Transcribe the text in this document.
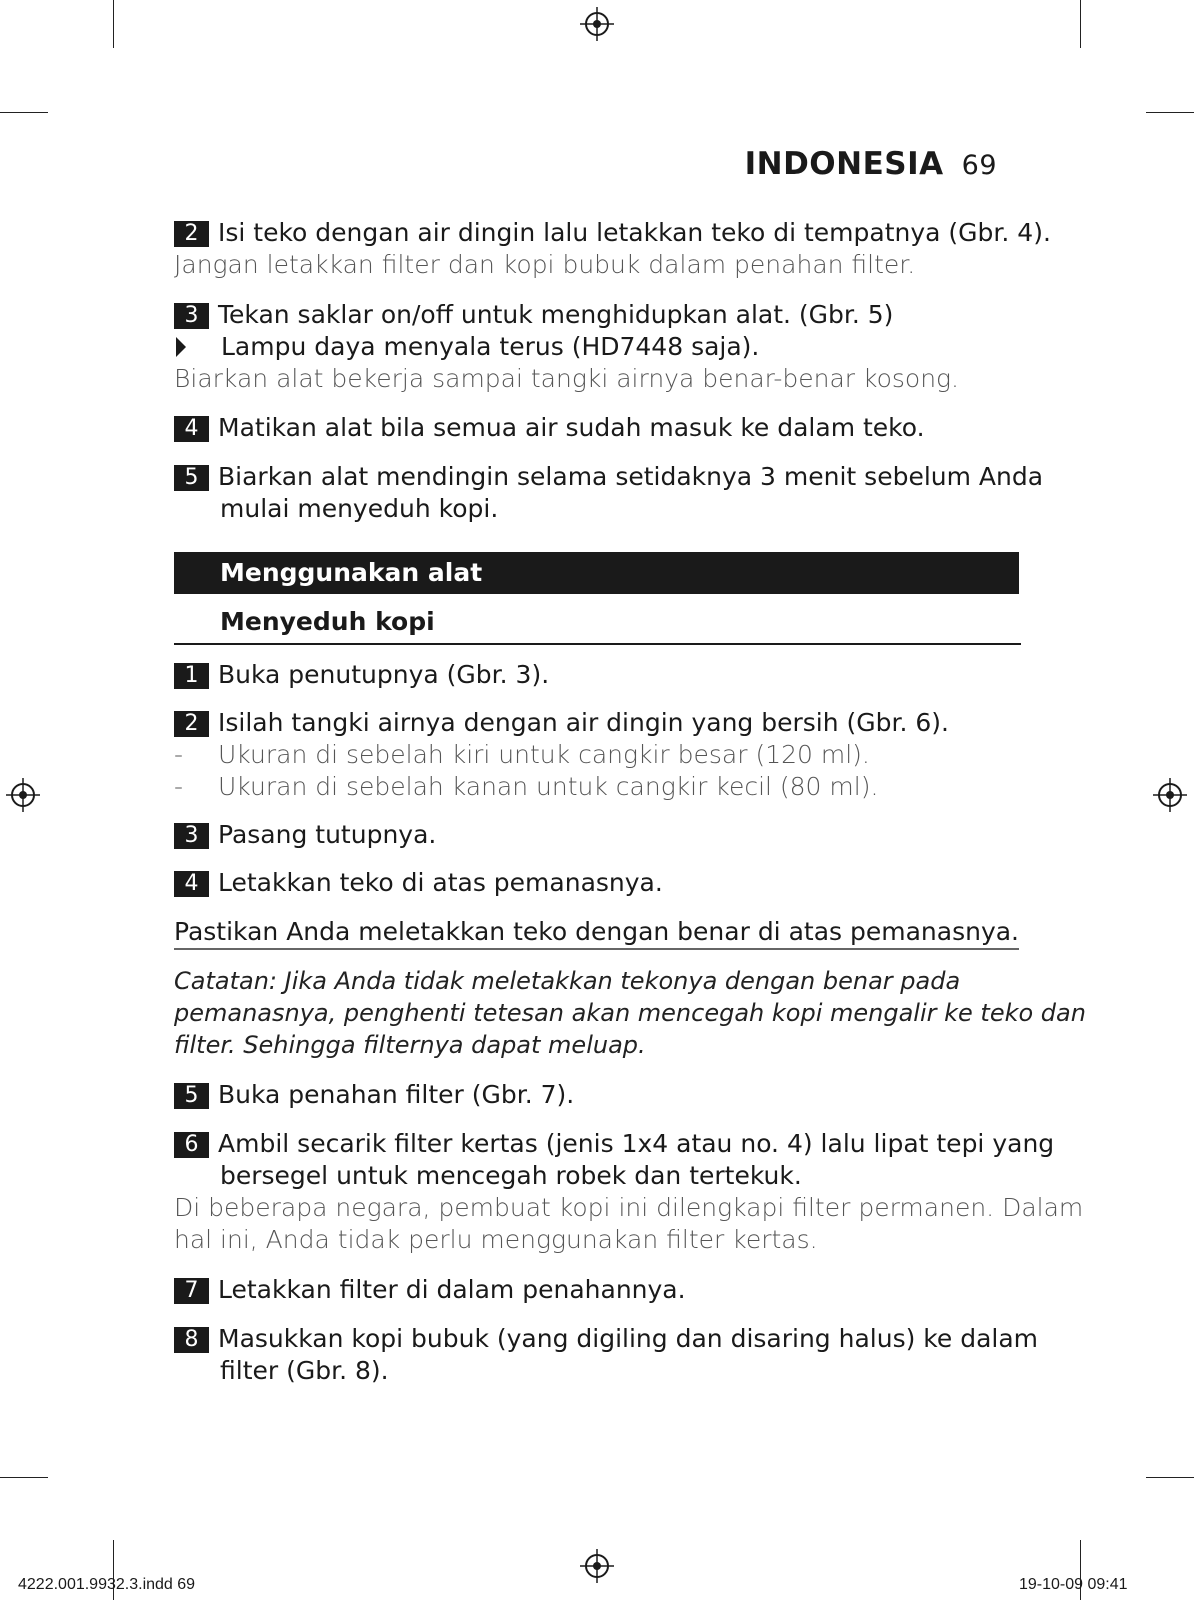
INDONESIA 69
2 Isi teko dengan air dingin lalu letakkan teko di tempatnya (Gbr. 4).
Jangan letakkan filter dan kopi bubuk dalam penahan filter.
3 Tekan saklar on/off untuk menghidupkan alat. (Gbr. 5)
Lampu daya menyala terus (HD7448 saja).
Biarkan alat bekerja sampai tangki airnya benar-benar kosong.
4 Matikan alat bila semua air sudah masuk ke dalam teko.
5 Biarkan alat mendingin selama setidaknya 3 menit sebelum Anda
mulai menyeduh kopi.
Menggunakan alat
Menyeduh kopi
1 Buka penutupnya (Gbr. 3).
2 Isilah tangki airnya dengan air dingin yang bersih (Gbr. 6).
- Ukuran di sebelah kiri untuk cangkir besar (120 ml).
- Ukuran di sebelah kanan untuk cangkir kecil (80 ml).
3 Pasang tutupnya.
4 Letakkan teko di atas pemanasnya.
Pastikan Anda meletakkan teko dengan benar di atas pemanasnya.
Catatan: Jika Anda tidak meletakkan tekonya dengan benar pada
pemanasnya, penghenti tetesan akan mencegah kopi mengalir ke teko dan
filter. Sehingga filternya dapat meluap.
5 Buka penahan filter (Gbr. 7).
6 Ambil secarik filter kertas (jenis 1x4 atau no. 4) lalu lipat tepi yang
bersegel untuk mencegah robek dan tertekuk.
Di beberapa negara, pembuat kopi ini dilengkapi filter permanen. Dalam
hal ini, Anda tidak perlu menggunakan filter kertas.
7 Letakkan filter di dalam penahannya.
8 Masukkan kopi bubuk (yang digiling dan disaring halus) ke dalam
filter (Gbr. 8).
4222.001.9932.3.indd 69	19-10-09 09:41
